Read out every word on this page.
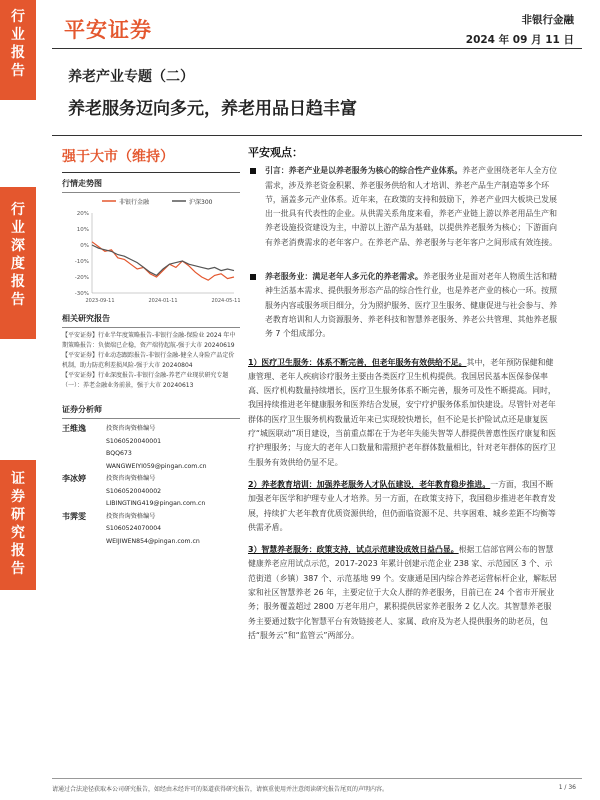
行
业
报
告
行
业
深
度
报
告
证
券
研
究
报
告
平安证券	非银行金融
2024 年 09 月 11 日
养老产业专题（二）
养老服务迈向多元，养老用品日趋丰富
强于大市（维持）
行情走势图
非银行金融	沪深300
20%
10%
0%
-10%
-20%
-30%
2023-09-11	2024-01-11	2024-05-11
相关研究报告

【平安证券】行业半年度策略报告-非银行金融-保险业 2024 年中期策略报告：负债端已企稳，资产端待起航-强于大市 20240619

【平安证券】行业动态跟踪报告-非银行金融-健全人身险产品定价机制，助力防范利差损风险-强于大市 20240804

【平安证券】行业深度报告-非银行金融-养老产业现状研究专题（一）：养老金融业务前景，强于大市 20240613

证券分析师
王维逸	投资咨询资格编号
S1060520040001
BQQ673
WANGWEIYI059@pingan.com.cn
李冰婷	投资咨询资格编号
S1060520040002
LIBINGTING419@pingan.com.cn
韦霁雯	投资咨询资格编号
S1060524070004
WEIJIWEN854@pingan.com.cn
平安观点：

引言：养老产业是以养老服务为核心的综合性产业体系。养老产业围绕老年人全方位需求，涉及养老资金积累、养老服务供给和人才培训、养老产品生产制造等多个环节，涵盖多元产业体系。近年来，在政策的支持和鼓励下，养老产业四大板块已发展出一批具有代表性的企业。从供需关系角度来看，养老产业链上游以养老用品生产和养老设施投资建设为主，中游以上游产品为基础，以提供养老服务为核心；下游面向有养老消费需求的老年客户。在养老产品、养老服务与老年客户之间形成有效连接。

养老服务业：满足老年人多元化的养老需求。养老服务业是面对老年人物质生活和精神生活基本需求、提供服务形态产品的综合性行业，也是养老产业的核心一环。按照服务内容或服务项目细分，分为照护服务、医疗卫生服务、健康促进与社会参与、养老教育培训和人力资源服务、养老科技和智慧养老服务、养老公共管理、其他养老服务 7 个组成部分。

1）医疗卫生服务：体系不断完善，但老年服务有效供给不足。其中，老年预防保健和健康管理、老年人疾病诊疗服务主要由各类医疗卫生机构提供。我国居民基本医保参保率高、医疗机构数量持续增长，医疗卫生服务体系不断完善，服务可及性不断提高。同时，我国持续推进老年健康服务和医养结合发展，安宁疗护服务体系加快建设。尽管针对老年群体的医疗卫生服务机构数量近年来已实现较快增长，但不论是长护险试点还是康复医疗“城医联动”项目建设，当前重点都在于为老年失能失智等人群提供普惠性医疗康复和医疗护理服务；与庞大的老年人口数量和需照护老年群体数量相比，针对老年群体的医疗卫生服务有效供给仍显不足。

2）养老教育培训：加强养老服务人才队伍建设，老年教育稳步推进。一方面，我国不断加强老年医学和护理专业人才培养。另一方面，在政策支持下，我国稳步推进老年教育发展，持续扩大老年教育优质资源供给，但仍面临资源不足、共享困难、城乡差距不均衡等供需矛盾。

3）智慧养老服务：政策支持，试点示范建设成效日益凸显。根据工信部官网公布的智慧健康养老应用试点示范，2017-2023 年累计创建示范企业 238 家、示范园区 3 个、示范街道（乡镇）387 个、示范基地 99 个。安康通是国内综合养老运营标杆企业，解耘居家和社区智慧养老 26 年，主要定位于大众人群的养老服务，目前已在 24 个省市开展业务；服务覆盖超过 2800 万老年用户，累积提供居家养老服务 2 亿人次。其智慧养老服务主要通过数字化智慧平台有效链接老人、家属、政府及为老人提供服务的助老员，包括“服务云”和“监管云”两部分。

请通过合法途径获取本公司研究报告，如经由未经许可的渠道获得研究报告，请慎重使用并注意阅读研究报告尾页的声明内容。	1 / 36
